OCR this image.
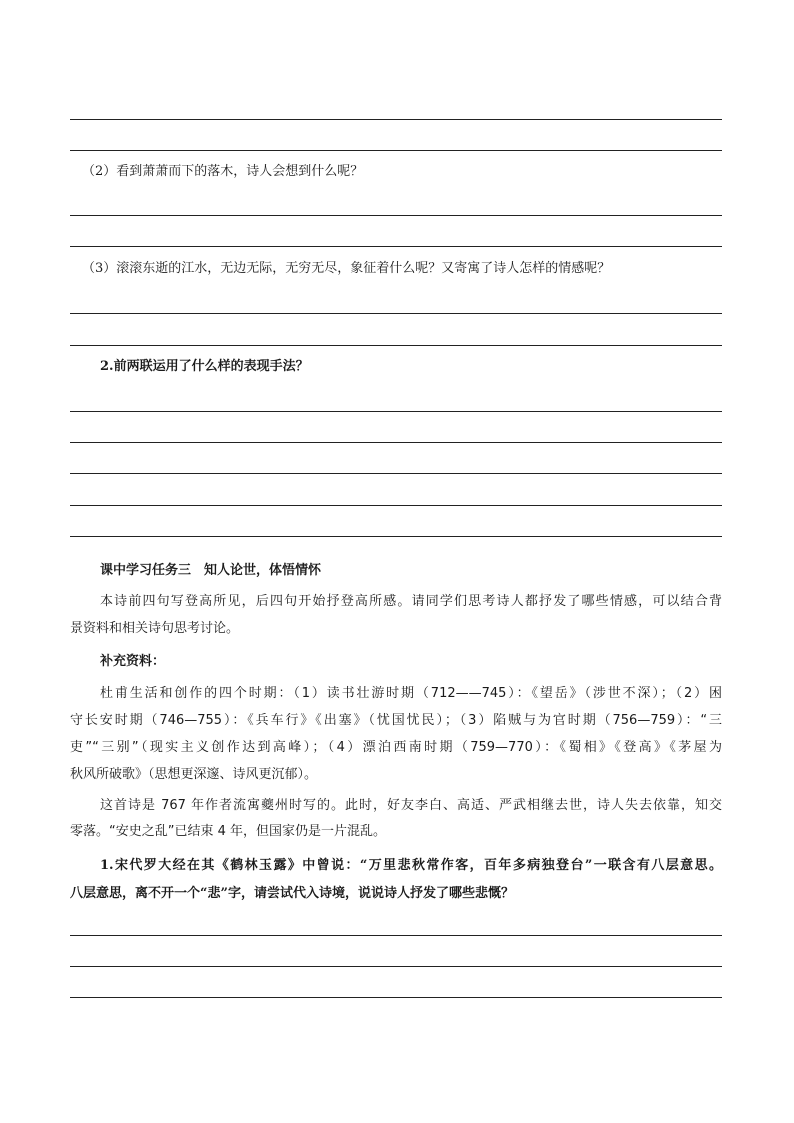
（2）看到萧萧而下的落木，诗人会想到什么呢？
（3）滚滚东逝的江水，无边无际，无穷无尽，象征着什么呢？又寄寓了诗人怎样的情感呢？
2.前两联运用了什么样的表现手法？
课中学习任务三　知人论世，体悟情怀
本诗前四句写登高所见，后四句开始抒登高所感。请同学们思考诗人都抒发了哪些情感，可以结合背
景资料和相关诗句思考讨论。
补充资料：
杜甫生活和创作的四个时期：（1）读书壮游时期（712——745）：《望岳》（涉世不深）；（2）困
守长安时期（746—755）：《兵车行》《出塞》（忧国忧民）；（3）陷贼与为官时期（756—759）：“三
吏”“三别”（现实主义创作达到高峰）；（4）漂泊西南时期（759—770）：《蜀相》《登高》《茅屋为
秋风所破歌》（思想更深邃、诗风更沉郁）。
这首诗是 767 年作者流寓夔州时写的。此时，好友李白、高适、严武相继去世，诗人失去依靠，知交
零落。“安史之乱”已结束 4 年，但国家仍是一片混乱。
1.宋代罗大经在其《鹤林玉露》中曾说：“万里悲秋常作客，百年多病独登台”一联含有八层意思。
八层意思，离不开一个“悲”字，请尝试代入诗境，说说诗人抒发了哪些悲慨？
